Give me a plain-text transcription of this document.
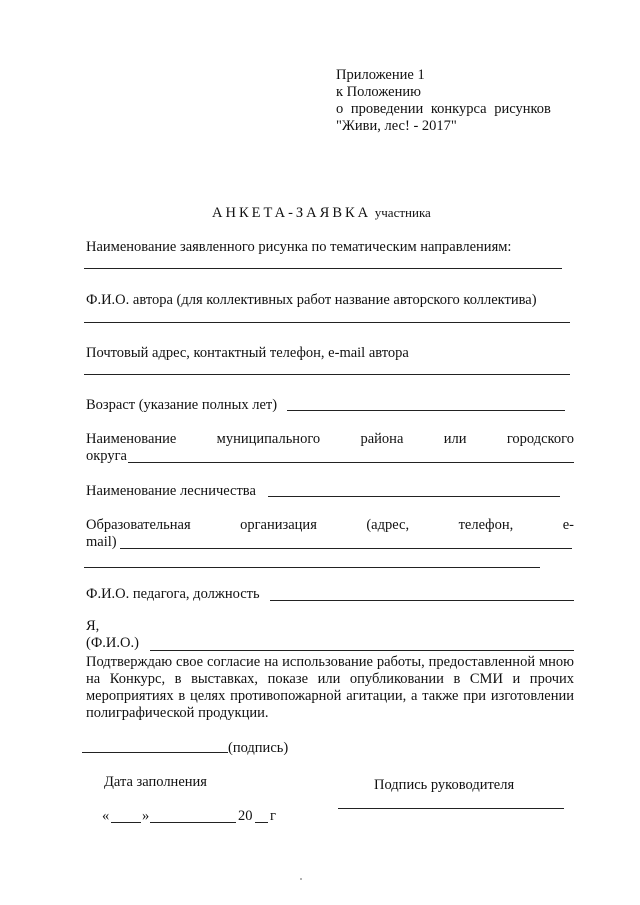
Приложение 1
к Положению
о проведении конкурса рисунков
"Живи, лес! - 2017"
АНКЕТА-ЗАЯВКА участника
Наименование заявленного рисунка по тематическим направлениям:
Ф.И.О. автора (для коллективных работ название авторского коллектива)
Почтовый адрес, контактный телефон, e-mail автора
Возраст (указание полных лет)
Наименование	муниципального	района	или	городского
округа
Наименование лесничества
Образовательная	организация	(адрес,	телефон,	е-
mail)
Ф.И.О. педагога, должность
Я,
(Ф.И.О.)
Подтверждаю свое согласие на использование работы, предоставленной мною на Конкурс, в выставках, показе или опубликовании в СМИ и прочих мероприятиях в целях противопожарной агитации, а также при изготовлении полиграфической продукции.
(подпись)
Дата заполнения	Подпись руководителя
« »	20 г
